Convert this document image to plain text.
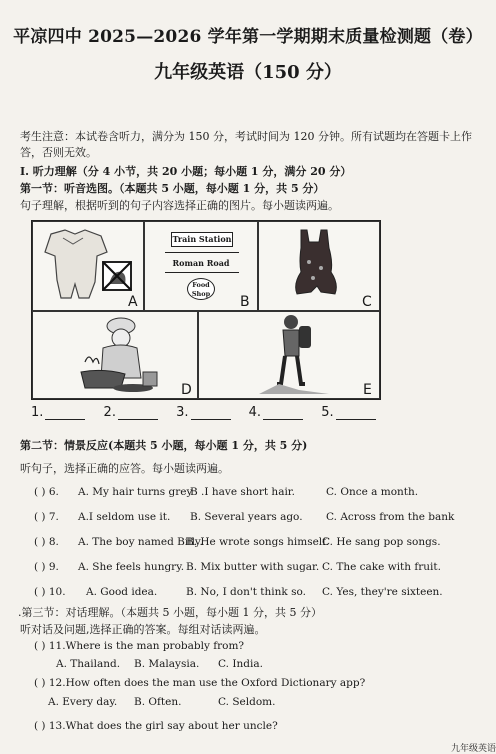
平凉四中 2025—2026 学年第一学期期末质量检测题（卷）
九年级英语（150 分）
考生注意：本试卷含听力，满分为 150 分，考试时间为 120 分钟。所有试题均在答题卡上作
答，否则无效。
I. 听力理解（分 4 小节，共 20 小题；每小题 1 分，满分 20 分）
第一节：听音选图。（本题共 5 小题，每小题 1 分，共 5 分）
句子理解，根据听到的句子内容选择正确的图片。每小题读两遍。
A
Train Station
Roman Road
Food
Shop B	C
D	E
1.	2.	3.	4.	5.
第二节：情景反应(本题共 5 小题，每小题 1 分，共 5 分)
听句子，选择正确的应答。每小题读两遍。
( ) 6. A. My hair turns grey
B .I have short hair.	C. Once a month.
( ) 7. A.I seldom use it. B. Several years ago. C. Across from the bank
( ) 8. A. The boy named Billy.
B. He wrote songs himself.
C. He sang pop songs.
( ) 9. A. She feels hungry. B. Mix butter with sugar. C. The cake with fruit.
( ) 10. A. Good idea.	B. No, I don't think so. C. Yes, they're sixteen.
.第三节：对话理解。（本题共 5 小题，每小题 1 分，共 5 分）
听对话及问题,选择正确的答案。每组对话读两遍。
( ) 11.Where is the man probably from?
A. Thailand. B. Malaysia. C. India.
( ) 12.How often does the man use the Oxford Dictionary app?
A. Every day. B. Often.	C. Seldom.
( ) 13.What does the girl say about her uncle?
九年级英语
